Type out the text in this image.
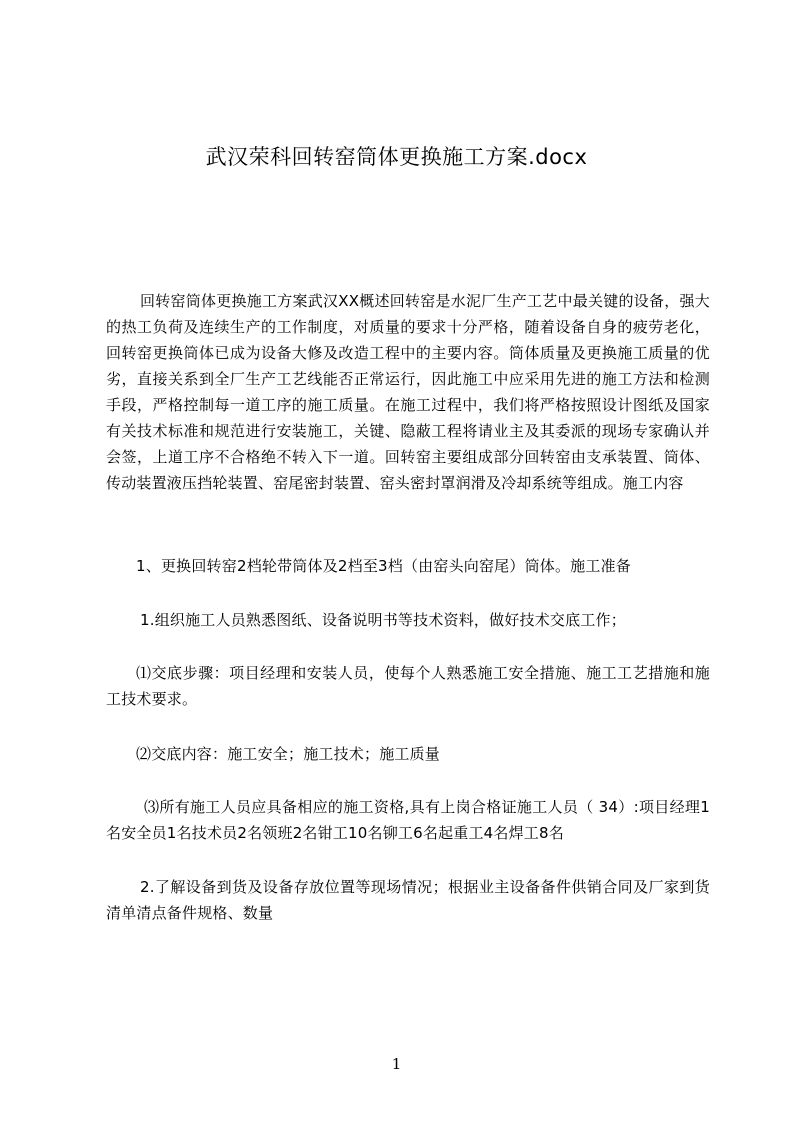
武汉荣科回转窑筒体更换施工方案.docx
回转窑筒体更换施工方案武汉XX概述回转窑是水泥厂生产工艺中最关键的设备，强大的热工负荷及连续生产的工作制度，对质量的要求十分严格，随着设备自身的疲劳老化，回转窑更换筒体已成为设备大修及改造工程中的主要内容。筒体质量及更换施工质量的优劣，直接关系到全厂生产工艺线能否正常运行，因此施工中应采用先进的施工方法和检测手段，严格控制每一道工序的施工质量。在施工过程中，我们将严格按照设计图纸及国家有关技术标准和规范进行安装施工，关键、隐蔽工程将请业主及其委派的现场专家确认并会签，上道工序不合格绝不转入下一道。回转窑主要组成部分回转窑由支承装置、筒体、传动装置液压挡轮装置、窑尾密封装置、窑头密封罩润滑及冷却系统等组成。施工内容
1、更换回转窑2档轮带筒体及2档至3档（由窑头向窑尾）筒体。施工准备
1.组织施工人员熟悉图纸、设备说明书等技术资料，做好技术交底工作；
⑴交底步骤：项目经理和安装人员，使每个人熟悉施工安全措施、施工工艺措施和施工技术要求。
⑵交底内容：施工安全；施工技术；施工质量
⑶所有施工人员应具备相应的施工资格,具有上岗合格证施工人员（ 34）:项目经理1名安全员1名技术员2名领班2名钳工10名铆工6名起重工4名焊工8名
2.了解设备到货及设备存放位置等现场情况；根据业主设备备件供销合同及厂家到货清单清点备件规格、数量
1
